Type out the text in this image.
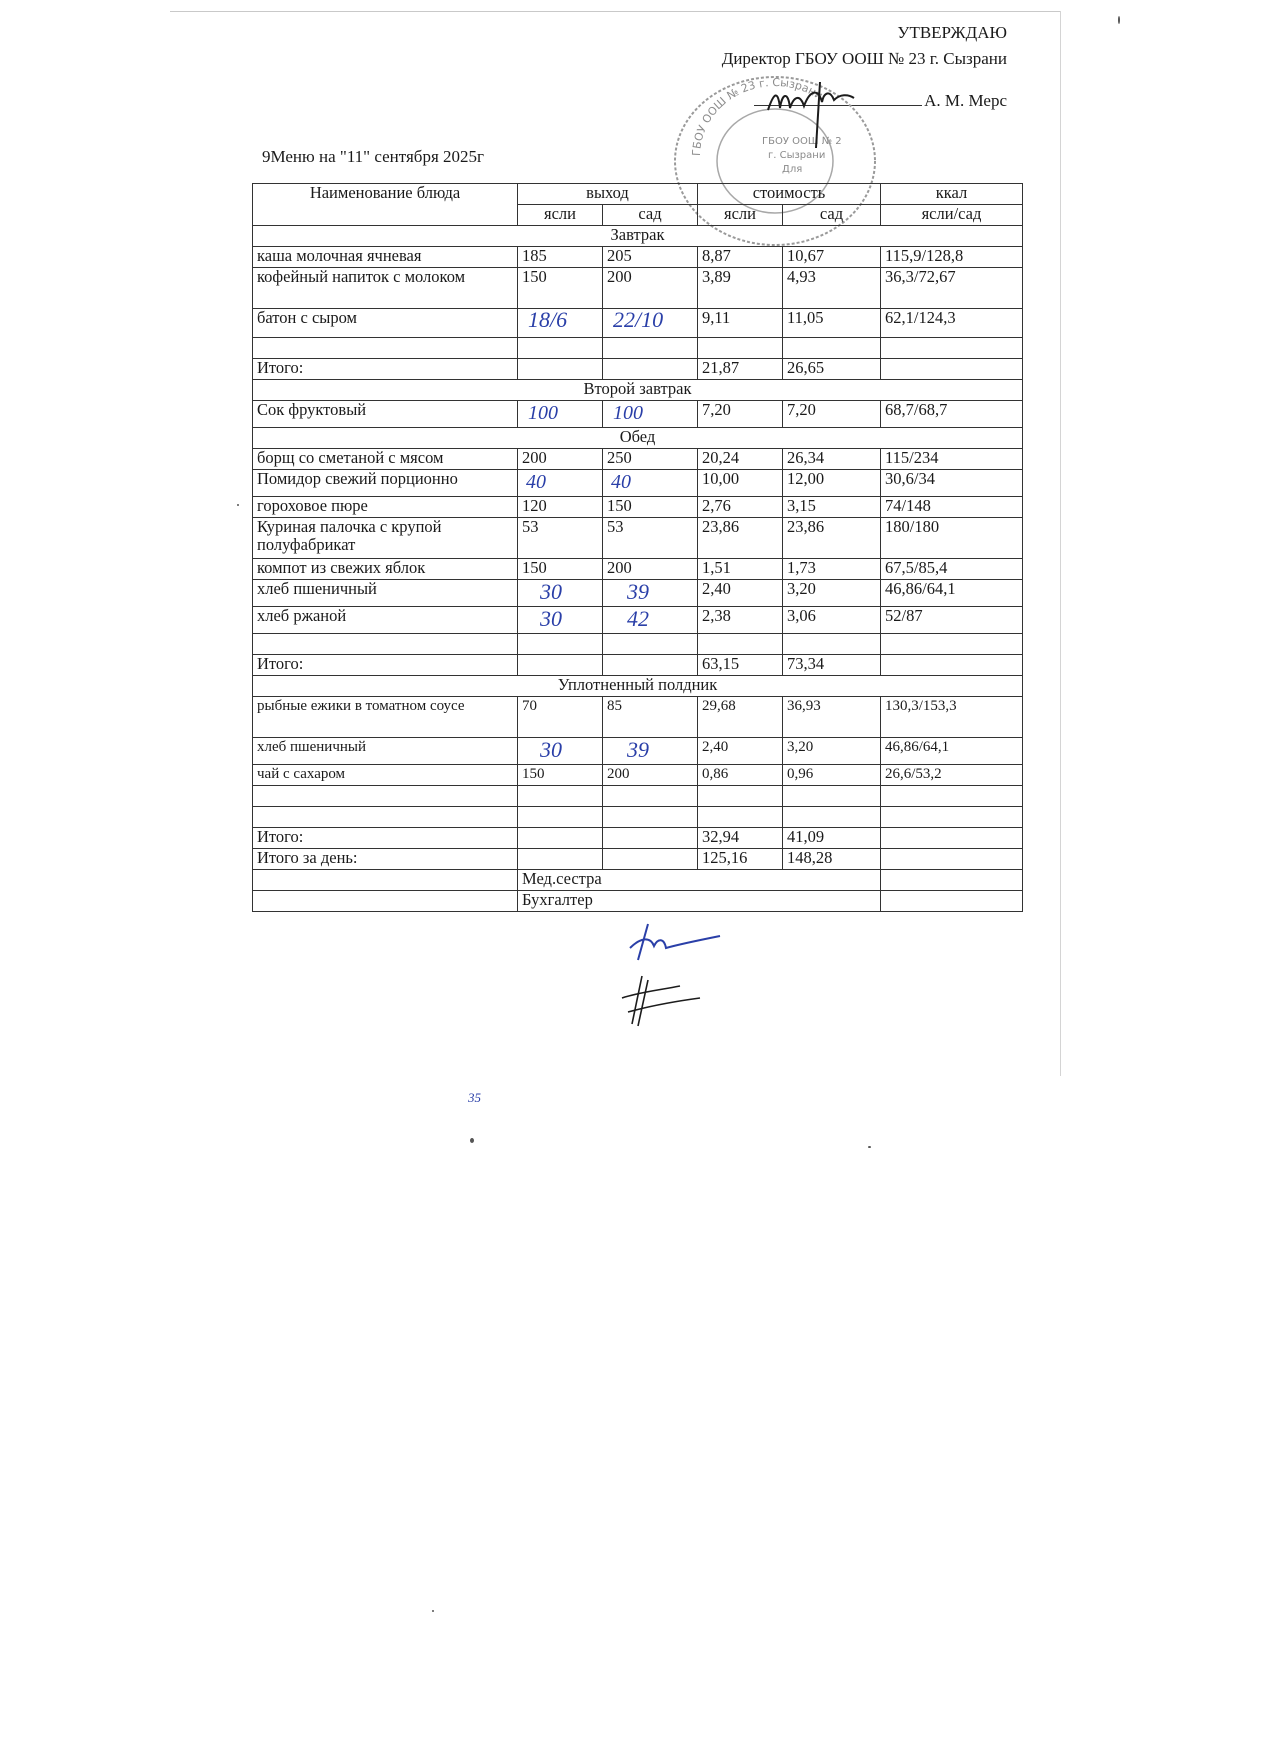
УТВЕРЖДАЮ
Директор ГБОУ ООШ № 23 г. Сызрани
А. М. Мерс
ГБОУ ООШ № 23 г. Сызрани
ГБОУ ООШ № 2
г. Сызрани
Для
9Меню на "11" сентября 2025г
Наименование блюда	выход		стоимость		ккал
	ясли	сад	ясли	сад	ясли/сад
Завтрак					
каша молочная ячневая	185	205	8,87	10,67	115,9/128,8
кофейный напиток с молоком	150	200	3,89	4,93	36,3/72,67
батон с сыром	18/6	22/10	9,11	11,05	62,1/124,3

Итого:			21,87	26,65	
Второй завтрак					
Сок фруктовый	100	100	7,20	7,20	68,7/68,7
Обед					
борщ со сметаной с мясом	200	250	20,24	26,34	115/234
Помидор свежий порционно	40	40	10,00	12,00	30,6/34
гороховое пюре	120	150	2,76	3,15	74/148
Куриная палочка с крупой полуфабрикат	53	53	23,86	23,86	180/180
компот из свежих яблок	150	200	1,51	1,73	67,5/85,4
хлеб пшеничный	30	39	2,40	3,20	46,86/64,1
хлеб ржаной	30	42	2,38	3,06	52/87

Итого:			63,15	73,34	
Уплотненный полдник					
рыбные ежики в томатном соусе	70	85	29,68	36,93	130,3/153,3
хлеб пшеничный	30	39	2,40	3,20	46,86/64,1
чай с сахаром	150	200	0,86	0,96	26,6/53,2

Итого:			32,94	41,09	
Итого за день:			125,16	148,28	
	Мед.сестра				
	Бухгалтер				
35
